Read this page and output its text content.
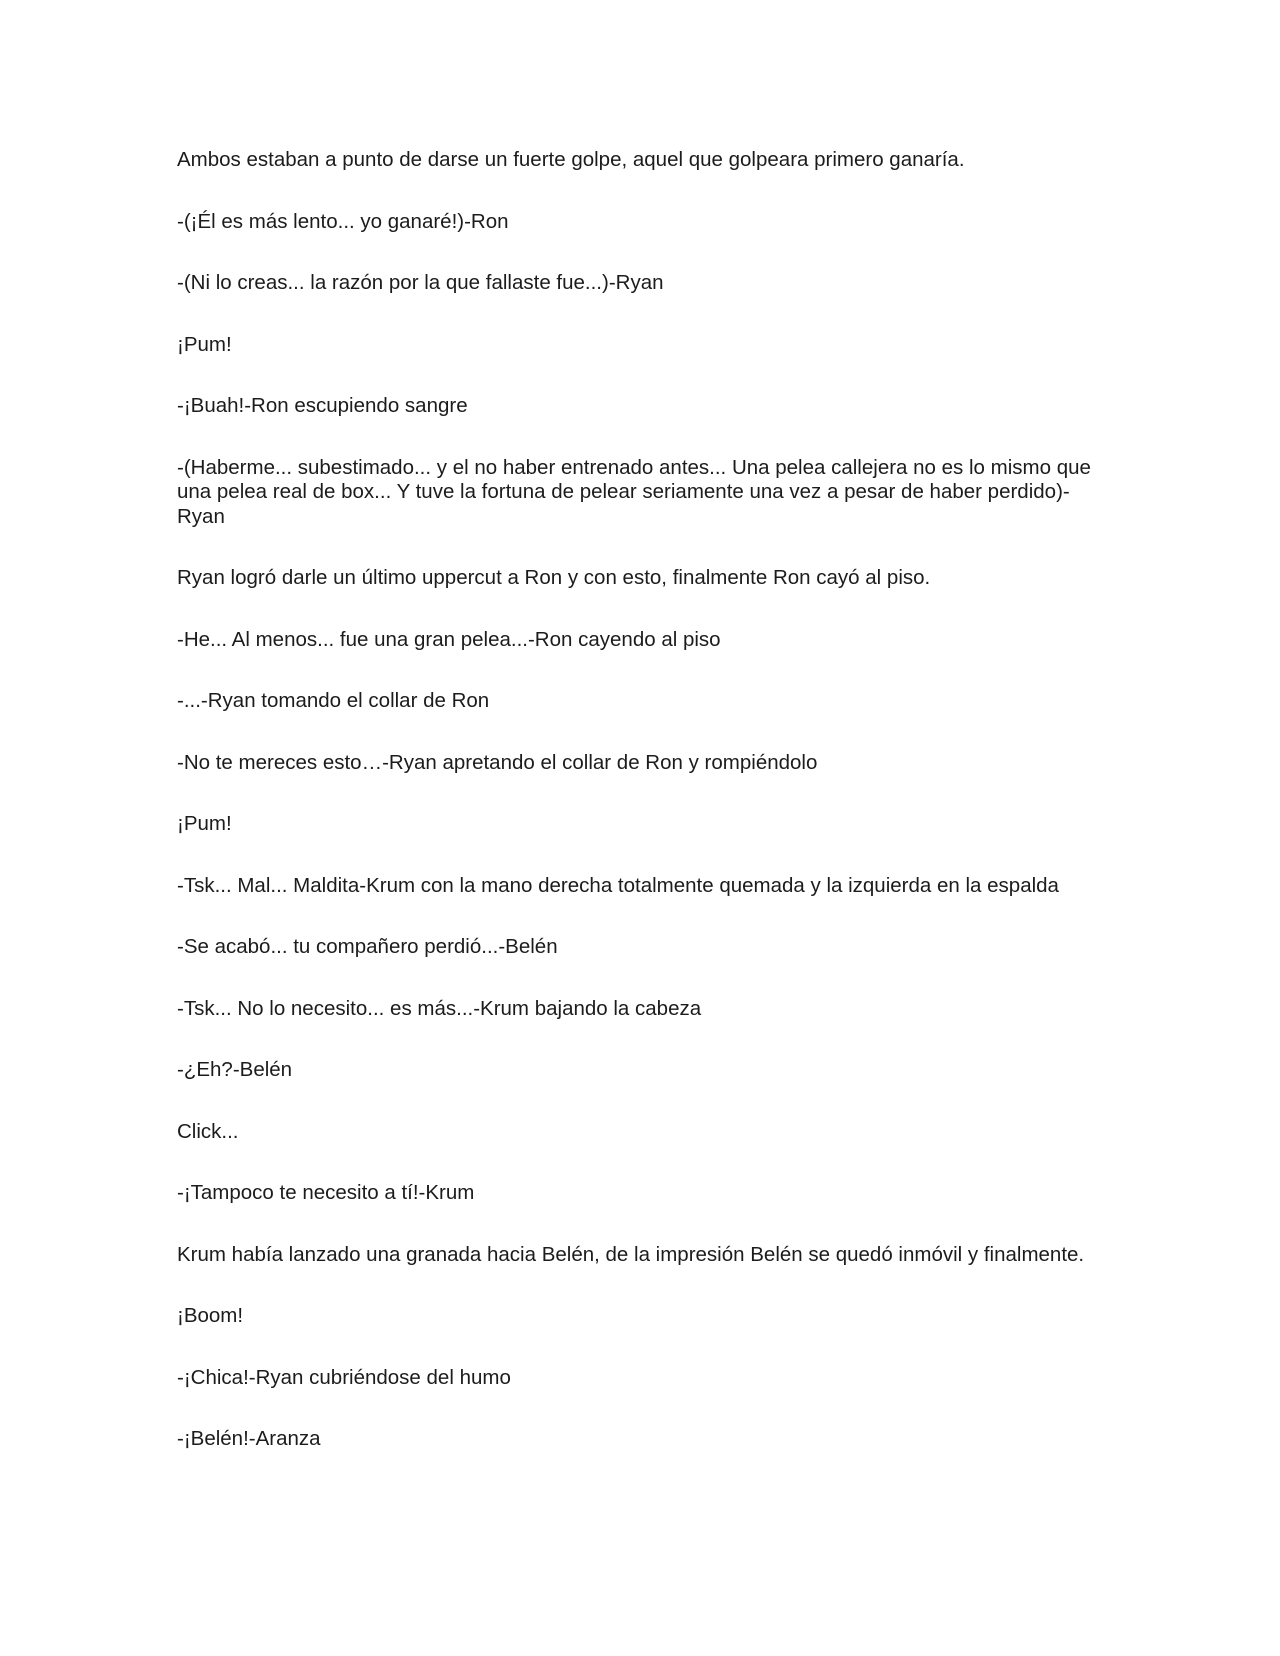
Ambos estaban a punto de darse un fuerte golpe, aquel que golpeara primero ganaría.

-(¡Él es más lento... yo ganaré!)-Ron

-(Ni lo creas... la razón por la que fallaste fue...)-Ryan

¡Pum!

-¡Buah!-Ron escupiendo sangre

-(Haberme... subestimado... y el no haber entrenado antes... Una pelea callejera no es lo mismo que una pelea real de box... Y tuve la fortuna de pelear seriamente una vez a pesar de haber perdido)-Ryan

Ryan logró darle un último uppercut a Ron y con esto, finalmente Ron cayó al piso.

-He... Al menos... fue una gran pelea...-Ron cayendo al piso

-...-Ryan tomando el collar de Ron

-No te mereces esto…-Ryan apretando el collar de Ron y rompiéndolo

¡Pum!

-Tsk... Mal... Maldita-Krum con la mano derecha totalmente quemada y la izquierda en la espalda

-Se acabó... tu compañero perdió...-Belén

-Tsk... No lo necesito... es más...-Krum bajando la cabeza

-¿Eh?-Belén

Click...

-¡Tampoco te necesito a tí!-Krum

Krum había lanzado una granada hacia Belén, de la impresión Belén se quedó inmóvil y finalmente.

¡Boom!

-¡Chica!-Ryan cubriéndose del humo

-¡Belén!-Aranza
